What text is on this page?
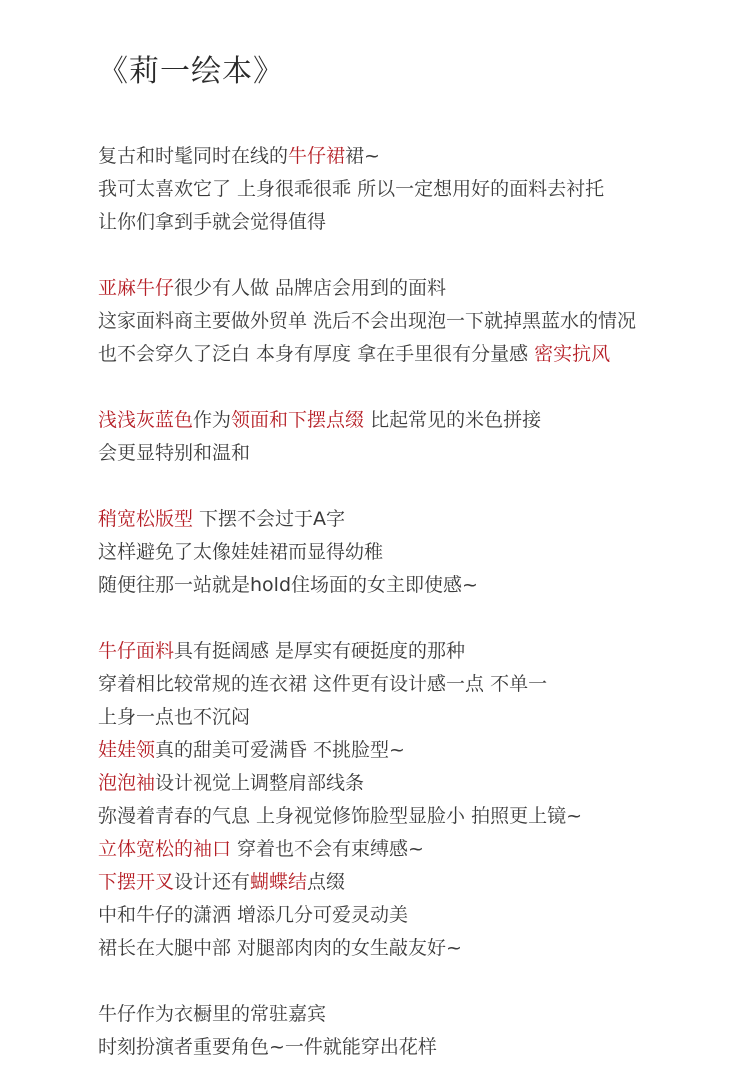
《莉一绘本》
复古和时髦同时在线的牛仔裙裙~
我可太喜欢它了 上身很乖很乖 所以一定想用好的面料去衬托
让你们拿到手就会觉得值得
亚麻牛仔很少有人做 品牌店会用到的面料
这家面料商主要做外贸单 洗后不会出现泡一下就掉黑蓝水的情况
也不会穿久了泛白 本身有厚度 拿在手里很有分量感 密实抗风
浅浅灰蓝色作为领面和下摆点缀 比起常见的米色拼接
会更显特别和温和
稍宽松版型 下摆不会过于A字
这样避免了太像娃娃裙而显得幼稚
随便往那一站就是hold住场面的女主即使感~
牛仔面料具有挺阔感 是厚实有硬挺度的那种
穿着相比较常规的连衣裙 这件更有设计感一点 不单一
上身一点也不沉闷
娃娃领真的甜美可爱满昏 不挑脸型~
泡泡袖设计视觉上调整肩部线条
弥漫着青春的气息 上身视觉修饰脸型显脸小 拍照更上镜~
立体宽松的袖口 穿着也不会有束缚感~
下摆开叉设计还有蝴蝶结点缀
中和牛仔的潇洒 增添几分可爱灵动美
裙长在大腿中部 对腿部肉肉的女生敲友好~
牛仔作为衣橱里的常驻嘉宾
时刻扮演者重要角色~一件就能穿出花样
